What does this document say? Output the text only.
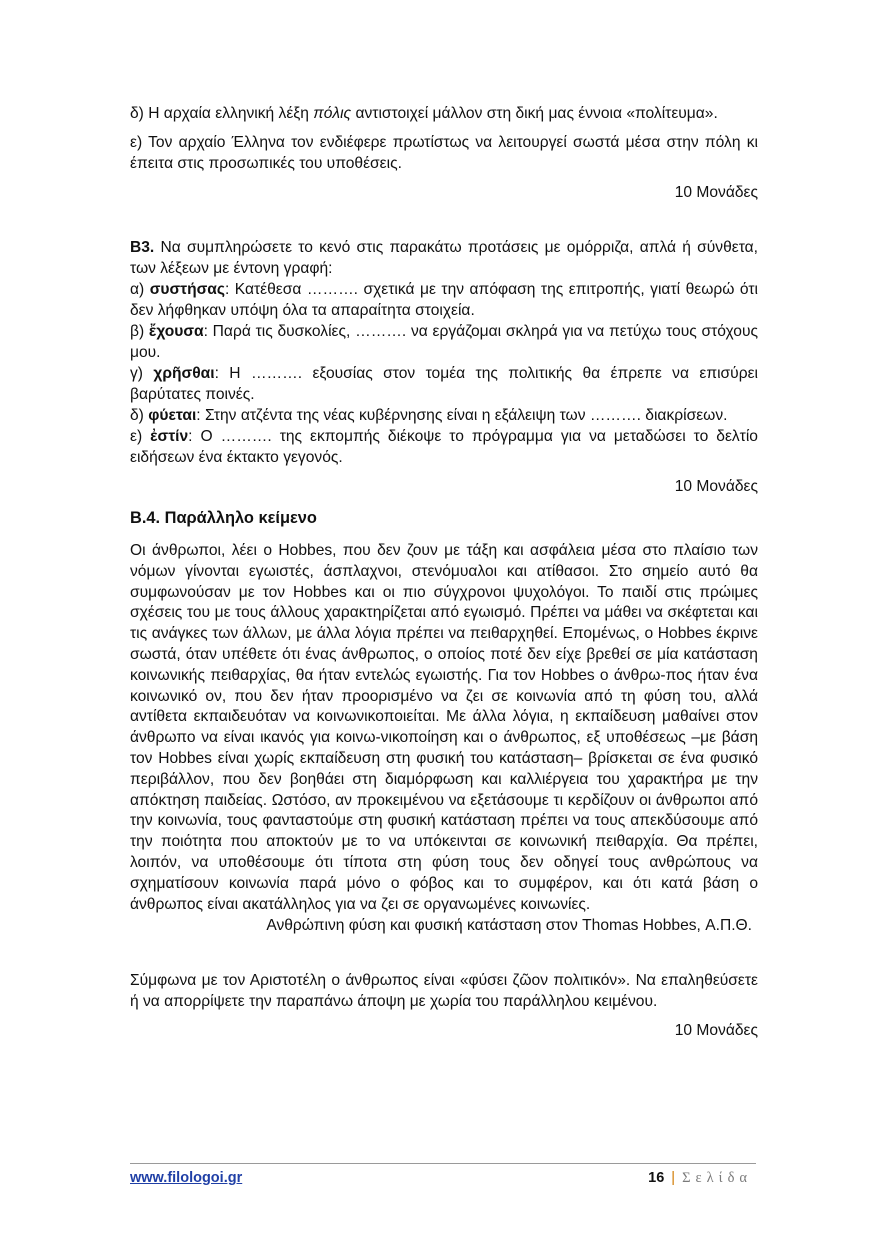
δ) Η αρχαία ελληνική λέξη πόλις αντιστοιχεί μάλλον στη δική μας έννοια «πολίτευμα».

ε) Τον αρχαίο Έλληνα τον ενδιέφερε πρωτίστως να λειτουργεί σωστά μέσα στην πόλη κι έπειτα στις προσωπικές του υποθέσεις.

10 Μονάδες

Β3. Να συμπληρώσετε το κενό στις παρακάτω προτάσεις με ομόρριζα, απλά ή σύνθετα, των λέξεων με έντονη γραφή:

α) συστήσας: Κατέθεσα ………. σχετικά με την απόφαση της επιτροπής, γιατί θεωρώ ότι δεν λήφθηκαν υπόψη όλα τα απαραίτητα στοιχεία.

β) ἔχουσα: Παρά τις δυσκολίες, ………. να εργάζομαι σκληρά για να πετύχω τους στόχους μου.

γ) χρῆσθαι: Η ………. εξουσίας στον τομέα της πολιτικής θα έπρεπε να επισύρει βαρύτατες ποινές.

δ) φύεται: Στην ατζέντα της νέας κυβέρνησης είναι η εξάλειψη των ………. διακρίσεων.

ε) ἐστίν: Ο ………. της εκπομπής διέκοψε το πρόγραμμα για να μεταδώσει το δελτίο ειδήσεων ένα έκτακτο γεγονός.

10 Μονάδες

Β.4. Παράλληλο κείμενο

Οι άνθρωποι, λέει ο Hobbes, που δεν ζουν με τάξη και ασφάλεια μέσα στο πλαίσιο των νόμων γίνονται εγωιστές, άσπλαχνοι, στενόμυαλοι και ατίθασοι. Στο σημείο αυτό θα συμφωνούσαν με τον Hobbes και οι πιο σύγχρονοι ψυχολόγοι. Το παιδί στις πρώιμες σχέσεις του με τους άλλους χαρακτηρίζεται από εγωισμό. Πρέπει να μάθει να σκέφτεται και τις ανάγκες των άλλων, με άλλα λόγια πρέπει να πειθαρχηθεί. Επομένως, ο Hobbes έκρινε σωστά, όταν υπέθετε ότι ένας άνθρωπος, ο οποίος ποτέ δεν είχε βρεθεί σε μία κατάσταση κοινωνικής πειθαρχίας, θα ήταν εντελώς εγωιστής. Για τον Hobbes ο άνθρω-πος ήταν ένα κοινωνικό ον, που δεν ήταν προορισμένο να ζει σε κοινωνία από τη φύση του, αλλά αντίθετα εκπαιδευόταν να κοινωνικοποιείται. Με άλλα λόγια, η εκπαίδευση μαθαίνει στον άνθρωπο να είναι ικανός για κοινω-νικοποίηση και ο άνθρωπος, εξ υποθέσεως –με βάση τον Hobbes είναι χωρίς εκπαίδευση στη φυσική του κατάσταση– βρίσκεται σε ένα φυσικό περιβάλλον, που δεν βοηθάει στη διαμόρφωση και καλλιέργεια του χαρακτήρα με την απόκτηση παιδείας. Ωστόσο, αν προκειμένου να εξετάσουμε τι κερδίζουν οι άνθρωποι από την κοινωνία, τους φανταστούμε στη φυσική κατάσταση πρέπει να τους απεκδύσουμε από την ποιότητα που αποκτούν με το να υπόκεινται σε κοινωνική πειθαρχία. Θα πρέπει, λοιπόν, να υποθέσουμε ότι τίποτα στη φύση τους δεν οδηγεί τους ανθρώπους να σχηματίσουν κοινωνία παρά μόνο ο φόβος και το συμφέρον, και ότι κατά βάση ο άνθρωπος είναι ακατάλληλος για να ζει σε οργανωμένες κοινωνίες.

Ανθρώπινη φύση και φυσική κατάσταση στον Thomas Hobbes, Α.Π.Θ.

Σύμφωνα με τον Αριστοτέλη ο άνθρωπος είναι «φύσει ζῶον πολιτικόν». Να επαληθεύσετε ή να απορρίψετε την παραπάνω άποψη με χωρία του παράλληλου κειμένου.

10 Μονάδες

www.filologoi.gr	16 | Σελίδα
